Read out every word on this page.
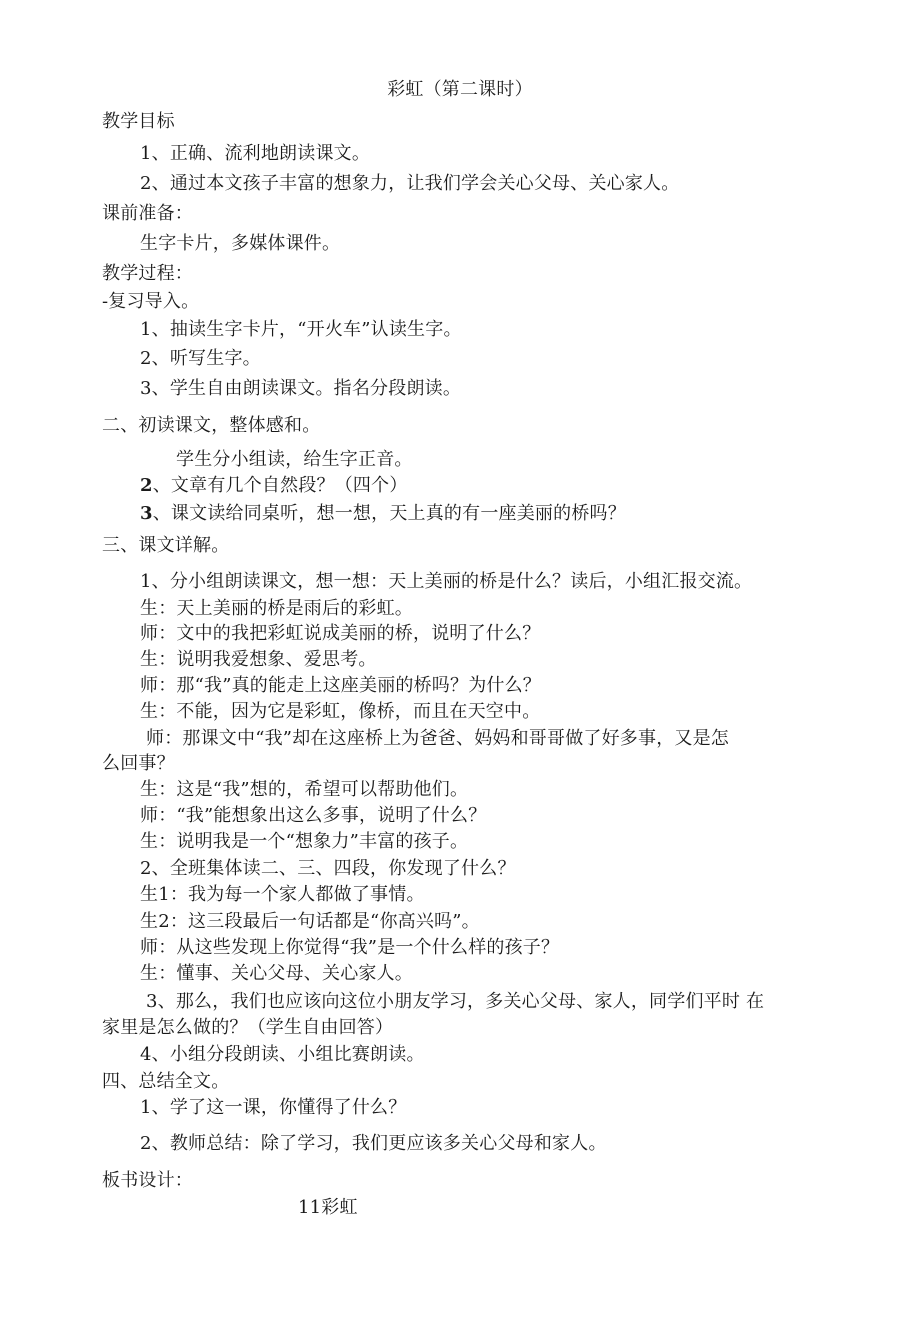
彩虹（第二课时）
教学目标
1、正确、流利地朗读课文。
2、通过本文孩子丰富的想象力，让我们学会关心父母、关心家人。
课前准备：
生字卡片，多媒体课件。
教学过程：
-复习导入。
1、抽读生字卡片，“开火车”认读生字。
2、听写生字。
3、学生自由朗读课文。指名分段朗读。
二、初读课文，整体感和。
学生分小组读，给生字正音。
2、文章有几个自然段？（四个）
3、课文读给同桌听，想一想，天上真的有一座美丽的桥吗？
三、课文详解。
1、分小组朗读课文，想一想：天上美丽的桥是什么？读后，小组汇报交流。
生：天上美丽的桥是雨后的彩虹。
师：文中的我把彩虹说成美丽的桥，说明了什么？
生：说明我爱想象、爱思考。
师：那“我”真的能走上这座美丽的桥吗？为什么？
生：不能，因为它是彩虹，像桥，而且在天空中。
师：那课文中“我”却在这座桥上为爸爸、妈妈和哥哥做了好多事，又是怎
么回事？
生：这是“我”想的，希望可以帮助他们。
师：“我”能想象出这么多事，说明了什么？
生：说明我是一个“想象力”丰富的孩子。
2、全班集体读二、三、四段，你发现了什么？
生1：我为每一个家人都做了事情。
生2：这三段最后一句话都是“你高兴吗”。
师：从这些发现上你觉得“我”是一个什么样的孩子？
生：懂事、关心父母、关心家人。
3、那么，我们也应该向这位小朋友学习，多关心父母、家人，同学们平时 在
家里是怎么做的？（学生自由回答）
4、小组分段朗读、小组比赛朗读。
四、总结全文。
1、学了这一课，你懂得了什么？
2、教师总结：除了学习，我们更应该多关心父母和家人。
板书设计：
11彩虹
